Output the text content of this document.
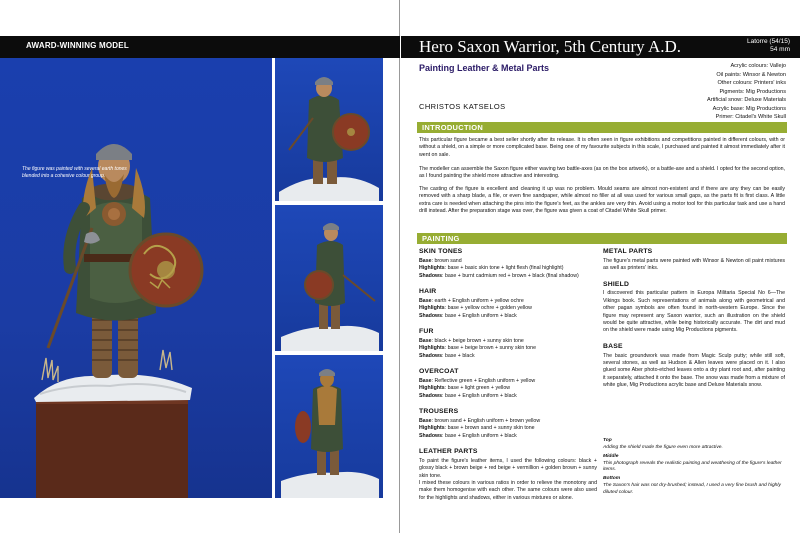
AWARD-WINNING MODEL
The figure was painted with several earth tones blended into a cohesive colour group.
Hero Saxon Warrior, 5th Century A.D.	Latorre (54/15)
54 mm
Painting Leather & Metal Parts
CHRISTOS KATSELOS
Acrylic colours: Vallejo
Oil paints: Winsor & Newton
Other colours: Printers' inks
Pigments: Mig Productions
Artificial snow: Deluxe Materials
Acrylic base: Mig Productions
Primer: Citadel's White Skull
INTRODUCTION

This particular figure became a best seller shortly after its release. It is often seen in figure exhibitions and competitions painted in different colours, with or without a shield, on a simple or more complicated base. Being one of my favourite subjects in this scale, I purchased and painted it almost immediately after it went on sale.

The modeller can assemble the Saxon figure either waving two battle-axes (as on the box artwork), or a battle-axe and a shield. I opted for the second option, as I found painting the shield more attractive and interesting.

The casting of the figure is excellent and cleaning it up was no problem. Mould seams are almost non-existent and if there are any they can be easily removed with a sharp blade, a file, or even fine sandpaper, while almost no filler at all was used for various small gaps, as the parts fit is first class. A little extra care is needed when attaching the pins into the figure's feet, as the ankles are very thin. Avoid using a motor tool for this particular task and use a hand drill instead. After the preparation stage was over, the figure was given a coat of Citadel White Skull primer.

PAINTING
SKIN TONES
Base: brown sand
Highlights: base + basic skin tone + light flesh (final highlight)
Shadows: base + burnt cadmium red + brown + black (final shadow)
HAIR
Base: earth + English uniform + yellow ochre
Highlights: base + yellow ochre + golden yellow
Shadows: base + English uniform + black
FUR
Base: black + beige brown + sunny skin tone
Highlights: base + beige brown + sunny skin tone
Shadows: base + black
OVERCOAT
Base: Reflective green + English uniform + yellow
Highlights: base + light green + yellow
Shadows: base + English uniform + black
TROUSERS
Base: brown sand + English uniform + brown yellow
Highlights: base + brown sand + sunny skin tone
Shadows: base + English uniform + black
LEATHER PARTS

To paint the figure's leather items, I used the following colours: black + glossy black + brown beige + red beige + vermillion + golden brown + sunny skin tone.

I mixed these colours in various ratios in order to relieve the monotony and make them homogenise with each other. The same colours were also used for the highlights and shadows, either in various mixtures or alone.

METAL PARTS

The figure's metal parts were painted with Winsor & Newton oil paint mixtures as well as printers' inks.

SHIELD

I discovered this particular pattern in Europa Militaria Special No 6—The Vikings book. Such representations of animals along with geometrical and other pagan symbols are often found in north-western Europe. Since the figure may represent any Saxon warrior, such an illustration on the shield would be quite attractive, while being historically accurate. The dirt and mud on the shield were made using Mig Productions pigments.

BASE

The basic groundwork was made from Magic Sculp putty; while still soft, several stones, as well as Hudson & Allen leaves were placed on it. I also glued some Aber photo-etched leaves onto a dry plant root and, after painting it separately, attached it onto the base. The snow was made from a mixture of white glue, Mig Productions acrylic base and Deluxe Materials snow.

Top
Adding the shield made the figure even more attractive.
Middle
This photograph reveals the realistic painting and weathering of the figure's leather items.
Bottom
The Saxon's hair was not dry-brushed; instead, I used a very fine brush and highly diluted colour.
